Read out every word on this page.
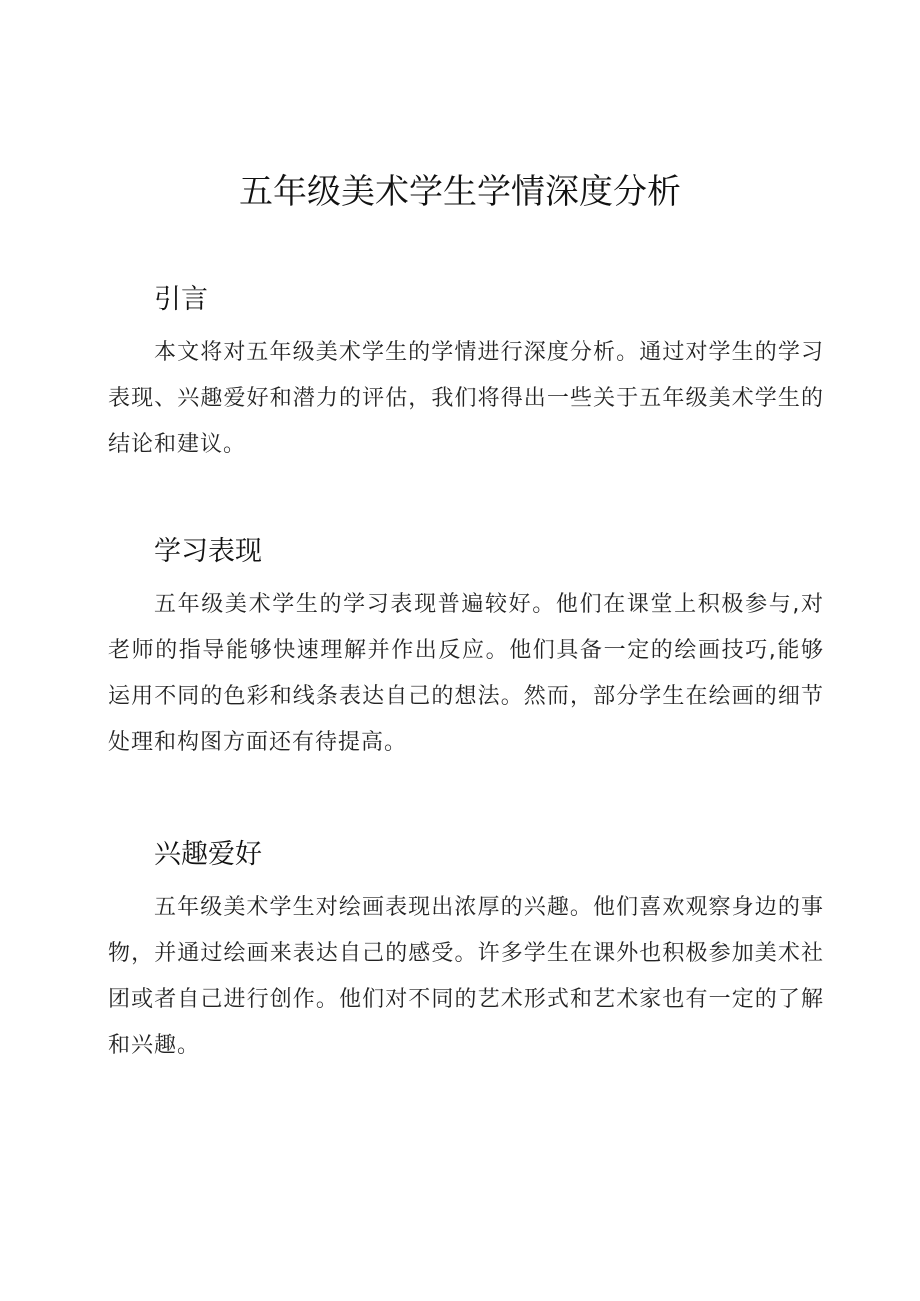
五年级美术学生学情深度分析
引言

本文将对五年级美术学生的学情进行深度分析。通过对学生的学习表现、兴趣爱好和潜力的评估，我们将得出一些关于五年级美术学生的结论和建议。

学习表现

五年级美术学生的学习表现普遍较好。他们在课堂上积极参与,对老师的指导能够快速理解并作出反应。他们具备一定的绘画技巧,能够运用不同的色彩和线条表达自己的想法。然而，部分学生在绘画的细节处理和构图方面还有待提高。

兴趣爱好

五年级美术学生对绘画表现出浓厚的兴趣。他们喜欢观察身边的事物，并通过绘画来表达自己的感受。许多学生在课外也积极参加美术社团或者自己进行创作。他们对不同的艺术形式和艺术家也有一定的了解和兴趣。
